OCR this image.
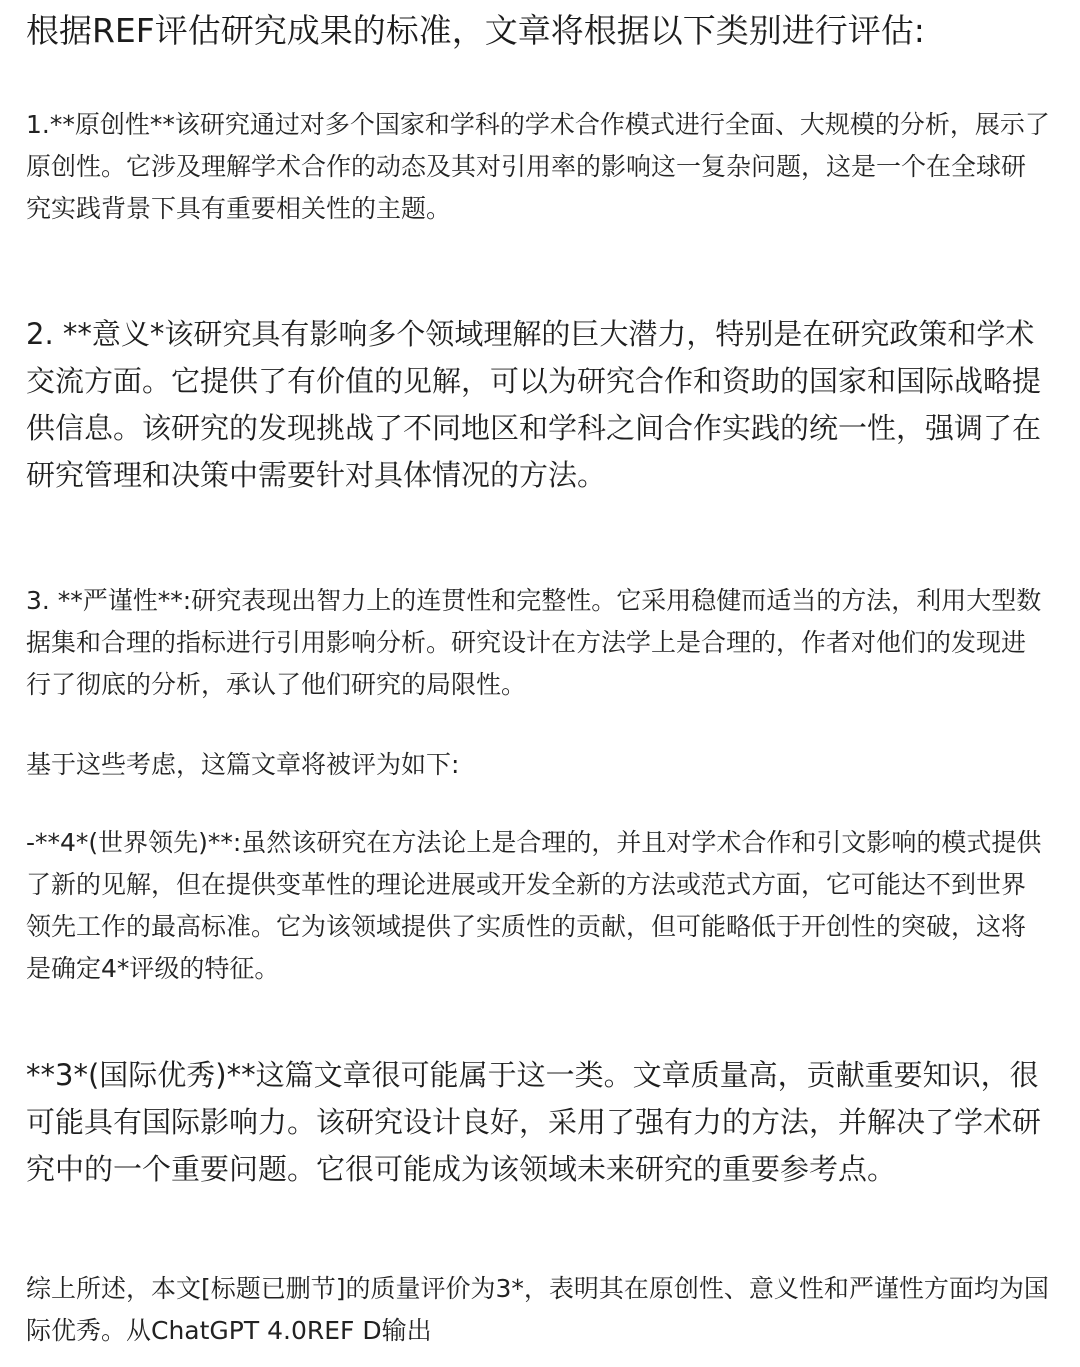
根据REF评估研究成果的标准，文章将根据以下类别进行评估:

1.**原创性**该研究通过对多个国家和学科的学术合作模式进行全面、大规模的分析，展示了原创性。它涉及理解学术合作的动态及其对引用率的影响这一复杂问题，这是一个在全球研究实践背景下具有重要相关性的主题。

2. **意义*该研究具有影响多个领域理解的巨大潜力，特别是在研究政策和学术交流方面。它提供了有价值的见解，可以为研究合作和资助的国家和国际战略提供信息。该研究的发现挑战了不同地区和学科之间合作实践的统一性，强调了在研究管理和决策中需要针对具体情况的方法。

3. **严谨性**:研究表现出智力上的连贯性和完整性。它采用稳健而适当的方法，利用大型数据集和合理的指标进行引用影响分析。研究设计在方法学上是合理的，作者对他们的发现进行了彻底的分析，承认了他们研究的局限性。

基于这些考虑，这篇文章将被评为如下:

-**4*(世界领先)**:虽然该研究在方法论上是合理的，并且对学术合作和引文影响的模式提供了新的见解，但在提供变革性的理论进展或开发全新的方法或范式方面，它可能达不到世界领先工作的最高标准。它为该领域提供了实质性的贡献，但可能略低于开创性的突破，这将是确定4*评级的特征。

**3*(国际优秀)**这篇文章很可能属于这一类。文章质量高，贡献重要知识，很可能具有国际影响力。该研究设计良好，采用了强有力的方法，并解决了学术研究中的一个重要问题。它很可能成为该领域未来研究的重要参考点。

综上所述，本文[标题已删节]的质量评价为3*，表明其在原创性、意义性和严谨性方面均为国际优秀。从ChatGPT 4.0REF D输出
